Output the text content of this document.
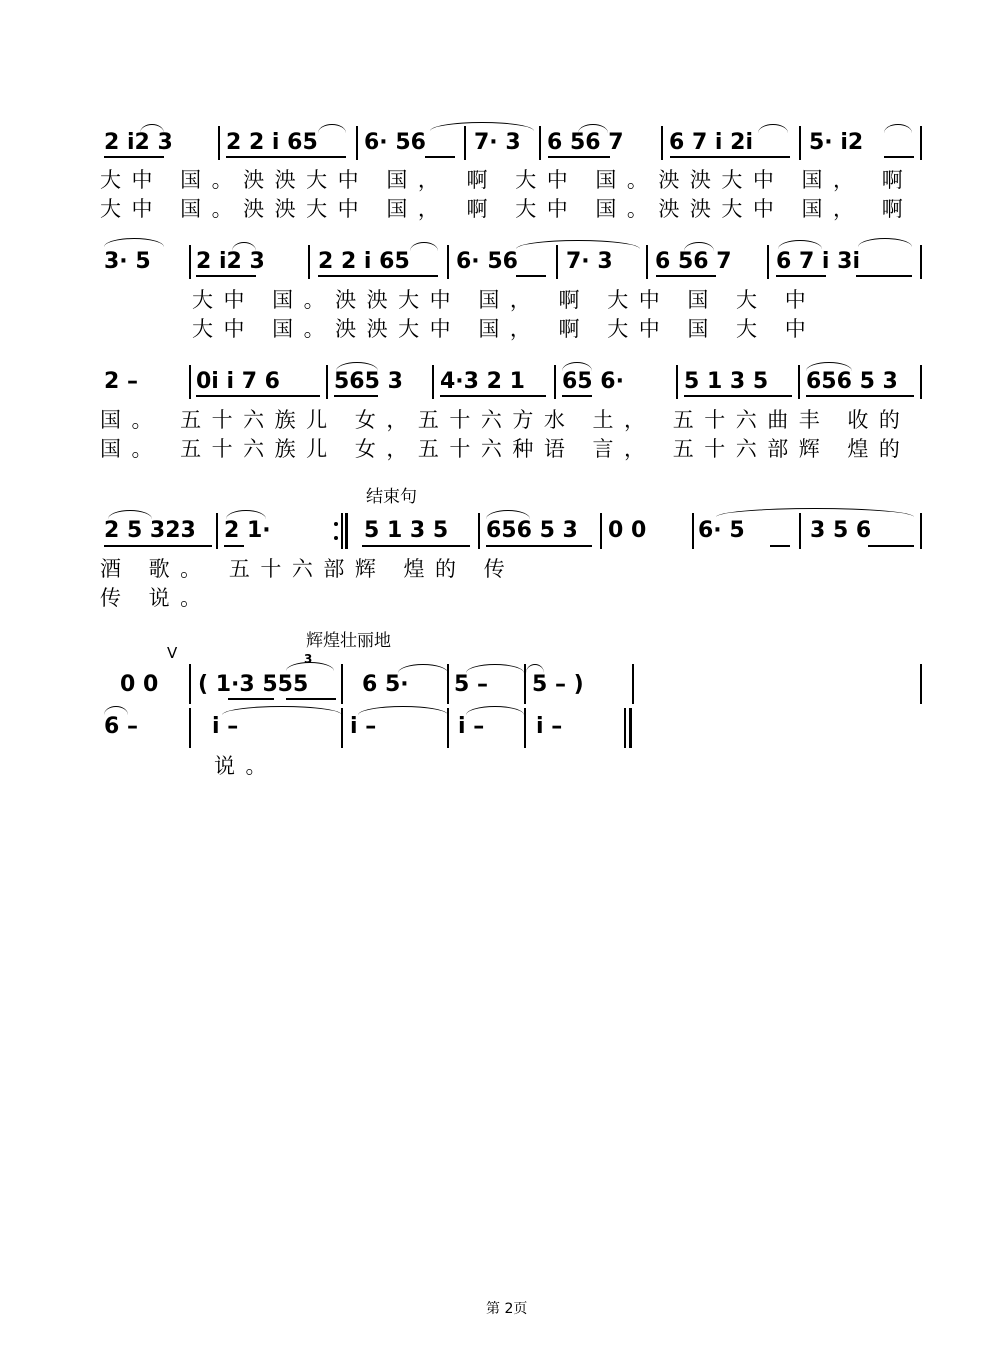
2 i2 3	2 2 i 65	6· 56	7· 3	6 56 7	6 7 i 2i	5· i2
大中 国。泱泱大中 国， 啊 大中 国。泱泱大中 国， 啊
大中 国。泱泱大中 国， 啊 大中 国。泱泱大中 国， 啊
3· 5	2 i2 3	2 2 i 65	6· 56	7· 3	6 56 7	6 7 i 3i
大中 国。泱泱大中 国， 啊 大中 国 大 中
大中 国。泱泱大中 国， 啊 大中 国 大 中
2 –	0i i 7 6	565 3	4·3 2 1	65 6·	5 1 3 5	656 5 3
国。 五十六族儿 女，五十六方水 土， 五十六曲丰 收的
国。 五十六族儿 女，五十六种语 言， 五十六部辉 煌的
结束句
2 5 323	2 1·	5 1 3 5	656 5 3	0 0	6· 5	3 5 6
酒 歌。 五十六部辉 煌的 传
传 说。
辉煌壮丽地
V	3
0 0	( 1·3 555	6 5·	5 –	5 – )
6 –	i –	i –	i –	i –
说。
第 2页
